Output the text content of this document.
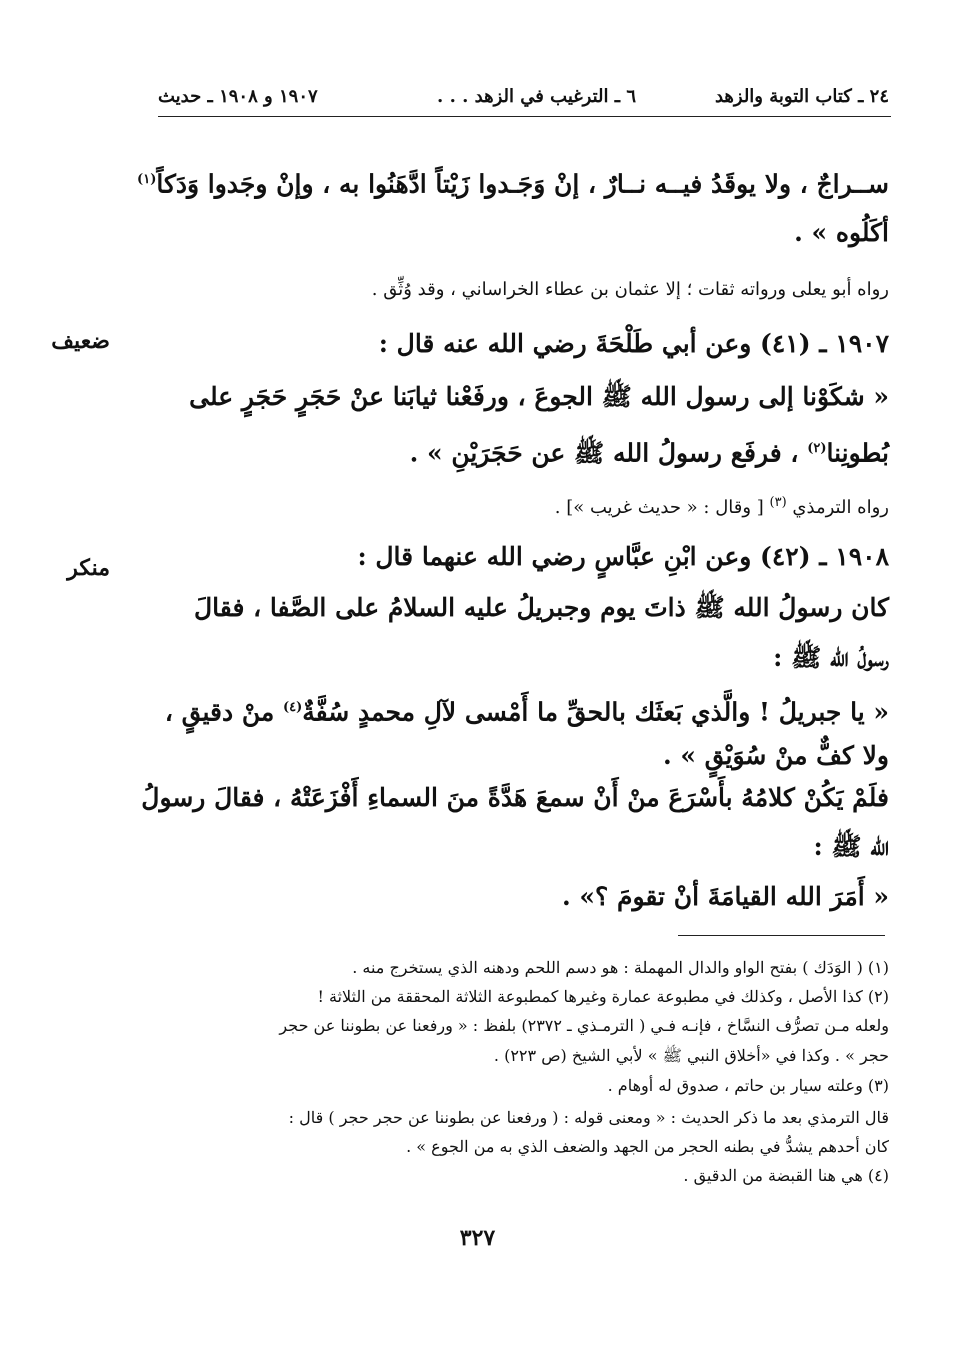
٢٤ ـ كتاب التوبة والزهد
٦ ـ الترغيب في الزهد . . .
١٩٠٧ و ١٩٠٨ ـ حديث
ســراجٌ ، ولا يوقَدُ فيــه نــارٌ ، إنْ وَجَـدوا زَيْتاً ادَّهَنُوا به ، وإنْ وجَدوا وَدَكاً$^{(١)}$
أكَلُوه » .
رواه أبو يعلى ورواته ثقات ؛ إلا عثمان بن عطاء الخراساني ، وقد وُثِّق .
ضعيف	١٩٠٧ ـ (٤١) وعن أبي طَلْحَةَ رضي الله عنه قال :
« شكَوْنا إلى رسول الله ﷺ الجوعَ ، ورفَعْنا ثيابَنا عنْ حَجَرٍ حَجَرٍ على
بُطونِنا$^{(٢)}$ ، فرفَع رسولُ الله ﷺ عن حَجَرَيْنِ » .
رواه الترمذي $^{(٣)}$ [ وقال : « حديث غريب »] .
منكر	١٩٠٨ ـ (٤٢) وعن ابْنِ عبَّاسٍ رضي الله عنهما قال :
كان رسولُ الله ﷺ ذاتَ يوم وجبريلُ عليه السلامُ على الصَّفا ، فقالَ
رسولُ الله ﷺ :
« يا جبريلُ ! والَّذي بَعثَك بالحقِّ ما أَمْسى لآلِ محمدٍ سُفَّةٌ$^{(٤)}$ منْ دقيقٍ ،
ولا كفٌّ منْ سُوَيْقٍ » .
فلَمْ يَكُنْ كلامُهُ بأَسْرَعَ منْ أَنْ سمعَ هَدَّةً منَ السماءِ أَفْزَعَتْهُ ، فقالَ رسولُ
الله ﷺ :
« أَمَرَ الله القيامَةَ أنْ تقومَ ؟» .
(١) ( الوَدَك ) بفتح الواو والدال المهملة : هو دسم اللحم ودهنه الذي يستخرج منه .
(٢) كذا الأصل ، وكذلك في مطبوعة عمارة وغيرها كمطبوعة الثلاثة المحققة من الثلاثة !
ولعله مـن تصرُّف النسَّاخ ، فإنـه فـي ( الترمـذي ـ ٢٣٧٢) بلفظ : « ورفعنا عن بطوننا عن حجر
حجر » . وكذا في «أخلاق النبي ﷺ » لأبي الشيخ (ص ٢٢٣) .
(٣) وعلته سيار بن حاتم ، صدوق له أوهام .
قال الترمذي بعد ما ذكر الحديث : « ومعنى قوله : ( ورفعنا عن بطوننا عن حجر حجر ) قال :
كان أحدهم يشدُّ في بطنه الحجر من الجهد والضعف الذي به من الجوع » .
(٤) هي هنا القبضة من الدقيق .
٣٢٧
